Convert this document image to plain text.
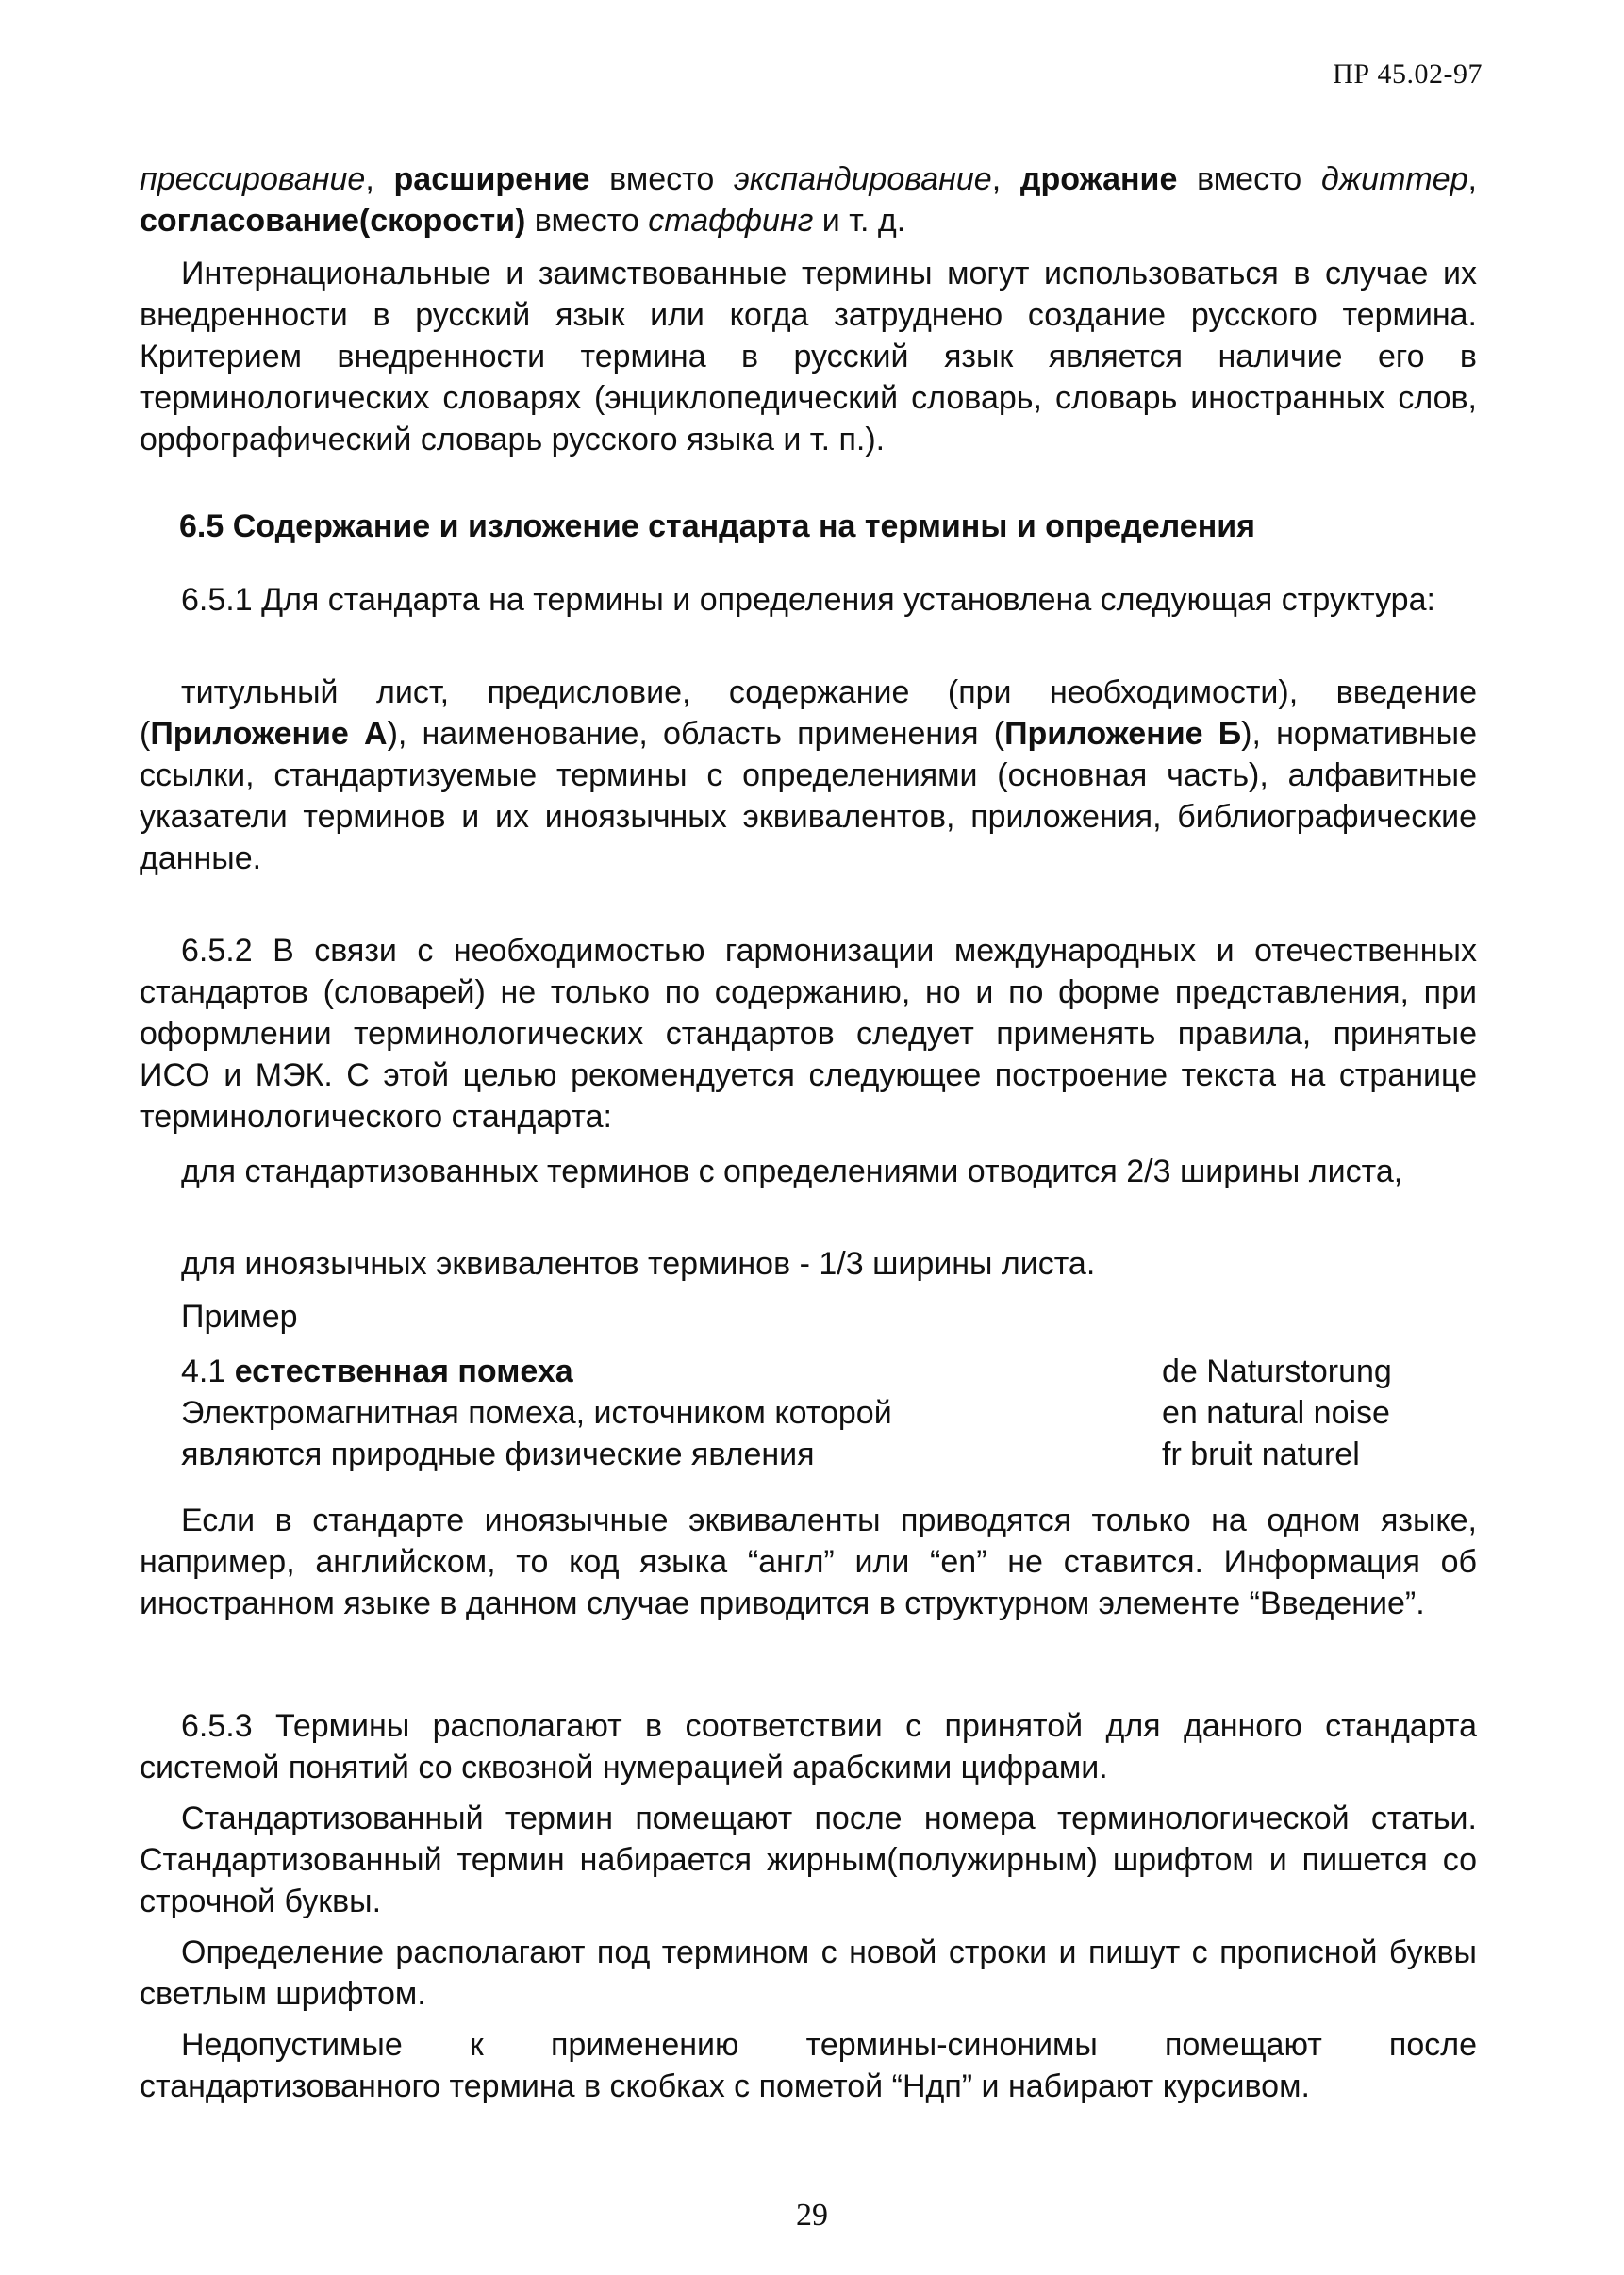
ПР 45.02-97
прессирование, расширение вместо экспандирование, дрожание вместо джиттер, согласование(скорости) вместо стаффинг и т. д.
Интернациональные и заимствованные термины могут использоваться в случае их внедренности в русский язык или когда затруднено создание русского термина. Критерием внедренности термина в русский язык является наличие его в терминологических словарях (энциклопедический словарь, словарь иностранных слов, орфографический словарь русского языка и т. п.).
6.5 Содержание и изложение стандарта на термины и определения
6.5.1 Для стандарта на термины и определения установлена следующая структура:
титульный лист, предисловие, содержание (при необходимости), введение (Приложение А), наименование, область применения (Приложение Б), нормативные ссылки, стандартизуемые термины с определениями (основная часть), алфавитные указатели терминов и их иноязычных эквивалентов, приложения, библиографические данные.
6.5.2 В связи с необходимостью гармонизации международных и отечественных стандартов (словарей) не только по содержанию, но и по форме представления, при оформлении терминологических стандартов следует применять правила, принятые ИСО и МЭК. С этой целью рекомендуется следующее построение текста на странице терминологического стандарта:
для стандартизованных терминов с определениями отводится 2/3 ширины листа,
для иноязычных эквивалентов терминов - 1/3 ширины листа.
Пример
4.1 естественная помеха	de Naturstorung
Электромагнитная помеха, источником которой	en natural noise
являются природные физические явления	fr bruit naturel
Если в стандарте иноязычные эквиваленты приводятся только на одном языке, например, английском, то код языка “англ” или “en” не ставится. Информация об иностранном языке в данном случае приводится в структурном элементе “Введение”.
6.5.3 Термины располагают в соответствии с принятой для данного стандарта системой понятий со сквозной нумерацией арабскими цифрами.
Стандартизованный термин помещают после номера терминологической статьи. Стандартизованный термин набирается жирным(полужирным) шрифтом и пишется со строчной буквы.
Определение располагают под термином с новой строки и пишут с прописной буквы светлым шрифтом.
Недопустимые к применению термины-синонимы помещают после стандартизованного термина в скобках с пометой “Ндп” и набирают курсивом.
29
